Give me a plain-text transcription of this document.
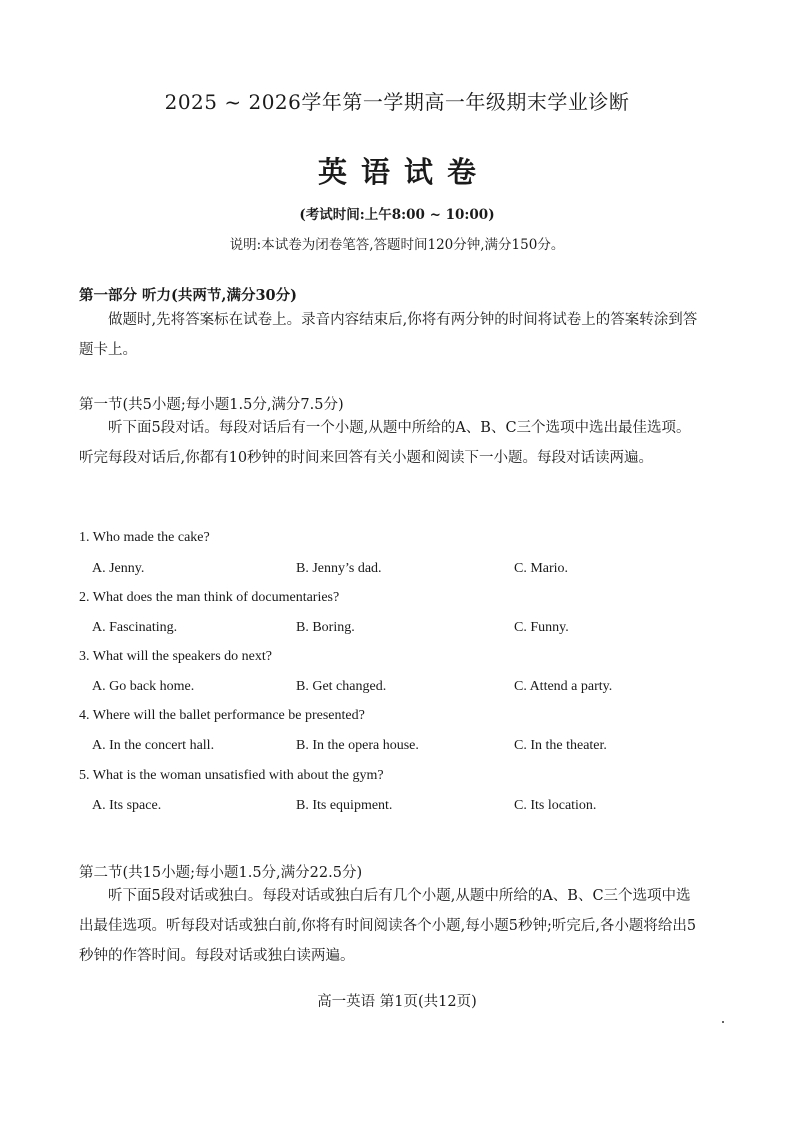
2025 ~ 2026学年第一学期高一年级期末学业诊断
英语试卷
(考试时间:上午8:00 ~ 10:00)
说明:本试卷为闭卷笔答,答题时间120分钟,满分150分。
第一部分 听力(共两节,满分30分)
做题时,先将答案标在试卷上。录音内容结束后,你将有两分钟的时间将试卷上的答案转涂到答题卡上。
第一节(共5小题;每小题1.5分,满分7.5分)
听下面5段对话。每段对话后有一个小题,从题中所给的A、B、C三个选项中选出最佳选项。听完每段对话后,你都有10秒钟的时间来回答有关小题和阅读下一小题。每段对话读两遍。
1. Who made the cake?
A. Jenny.	B. Jenny’s dad.	C. Mario.
2. What does the man think of documentaries?
A. Fascinating.	B. Boring.	C. Funny.
3. What will the speakers do next?
A. Go back home.	B. Get changed.	C. Attend a party.
4. Where will the ballet performance be presented?
A. In the concert hall.	B. In the opera house.	C. In the theater.
5. What is the woman unsatisfied with about the gym?
A. Its space.	B. Its equipment.	C. Its location.
第二节(共15小题;每小题1.5分,满分22.5分)
听下面5段对话或独白。每段对话或独白后有几个小题,从题中所给的A、B、C三个选项中选出最佳选项。听每段对话或独白前,你将有时间阅读各个小题,每小题5秒钟;听完后,各小题将给出5秒钟的作答时间。每段对话或独白读两遍。
高一英语 第1页(共12页)
